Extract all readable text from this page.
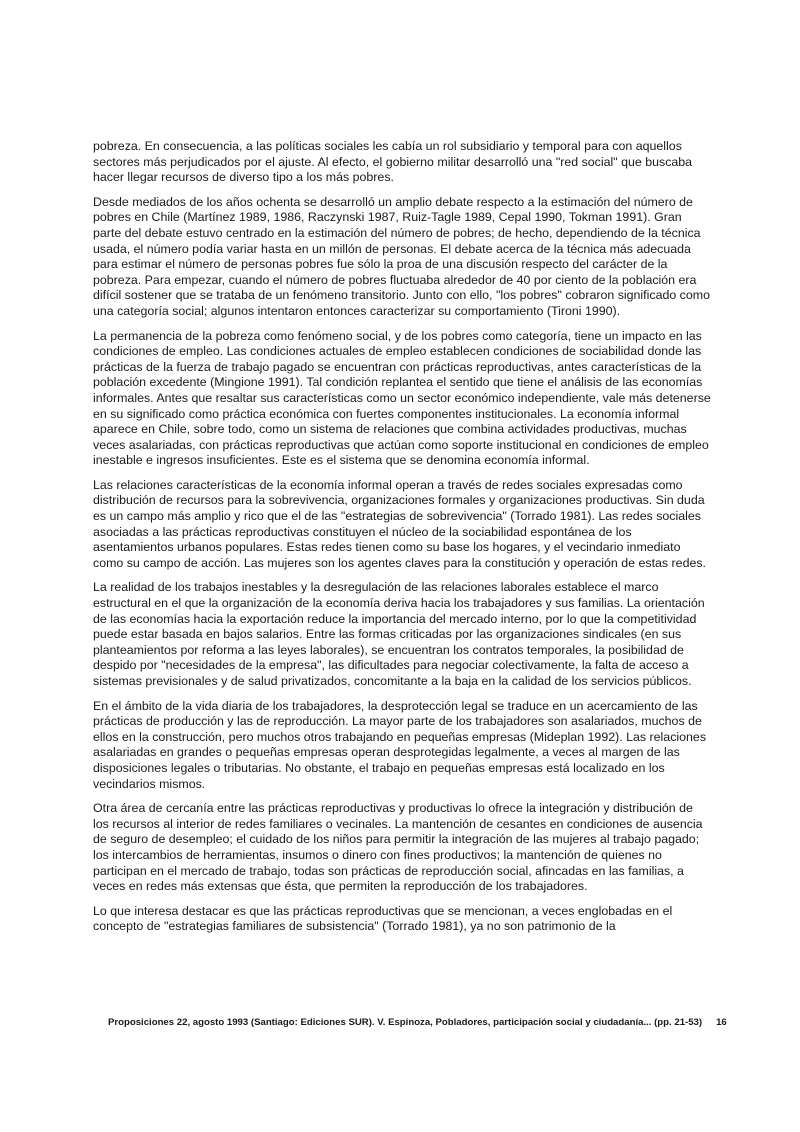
pobreza. En consecuencia, a las políticas sociales les cabía un rol subsidiario y temporal para con aquellos sectores más perjudicados por el ajuste. Al efecto, el gobierno militar desarrolló una "red social" que buscaba hacer llegar recursos de diverso tipo a los más pobres.

Desde mediados de los años ochenta se desarrolló un amplio debate respecto a la estimación del número de pobres en Chile (Martínez 1989, 1986, Raczynski 1987, Ruiz-Tagle 1989, Cepal 1990, Tokman 1991). Gran parte del debate estuvo centrado en la estimación del número de pobres; de hecho, dependiendo de la técnica usada, el número podía variar hasta en un millón de personas. El debate acerca de la técnica más adecuada para estimar el número de personas pobres fue sólo la proa de una discusión respecto del carácter de la pobreza. Para empezar, cuando el número de pobres fluctuaba alrededor de 40 por ciento de la población era difícil sostener que se trataba de un fenómeno transitorio. Junto con ello, "los pobres" cobraron significado como una categoría social; algunos intentaron entonces caracterizar su comportamiento (Tironi 1990).

La permanencia de la pobreza como fenómeno social, y de los pobres como categoría, tiene un impacto en las condiciones de empleo. Las condiciones actuales de empleo establecen condiciones de sociabilidad donde las prácticas de la fuerza de trabajo pagado se encuentran con prácticas reproductivas, antes características de la población excedente (Mingione 1991). Tal condición replantea el sentido que tiene el análisis de las economías informales. Antes que resaltar sus características como un sector económico independiente, vale más detenerse en su significado como práctica económica con fuertes componentes institucionales. La economía informal aparece en Chile, sobre todo, como un sistema de relaciones que combina actividades productivas, muchas veces asalariadas, con prácticas reproductivas que actúan como soporte institucional en condiciones de empleo inestable e ingresos insuficientes. Este es el sistema que se denomina economía informal.

Las relaciones características de la economía informal operan a través de redes sociales expresadas como distribución de recursos para la sobrevivencia, organizaciones formales y organizaciones productivas. Sin duda es un campo más amplio y rico que el de las "estrategias de sobrevivencia" (Torrado 1981). Las redes sociales asociadas a las prácticas reproductivas constituyen el núcleo de la sociabilidad espontánea de los asentamientos urbanos populares. Estas redes tienen como su base los hogares, y el vecindario inmediato como su campo de acción. Las mujeres son los agentes claves para la constitución y operación de estas redes.

La realidad de los trabajos inestables y la desregulación de las relaciones laborales establece el marco estructural en el que la organización de la economía deriva hacia los trabajadores y sus familias. La orientación de las economías hacia la exportación reduce la importancia del mercado interno, por lo que la competitividad puede estar basada en bajos salarios. Entre las formas criticadas por las organizaciones sindicales (en sus planteamientos por reforma a las leyes laborales), se encuentran los contratos temporales, la posibilidad de despido por "necesidades de la empresa", las dificultades para negociar colectivamente, la falta de acceso a sistemas previsionales y de salud privatizados, concomitante a la baja en la calidad de los servicios públicos.

En el ámbito de la vida diaria de los trabajadores, la desprotección legal se traduce en un acercamiento de las prácticas de producción y las de reproducción. La mayor parte de los trabajadores son asalariados, muchos de ellos en la construcción, pero muchos otros trabajando en pequeñas empresas (Mideplan 1992). Las relaciones asalariadas en grandes o pequeñas empresas operan desprotegidas legalmente, a veces al margen de las disposiciones legales o tributarias. No obstante, el trabajo en pequeñas empresas está localizado en los vecindarios mismos.

Otra área de cercanía entre las prácticas reproductivas y productivas lo ofrece la integración y distribución de los recursos al interior de redes familiares o vecinales. La mantención de cesantes en condiciones de ausencia de seguro de desempleo; el cuidado de los niños para permitir la integración de las mujeres al trabajo pagado; los intercambios de herramientas, insumos o dinero con fines productivos; la mantención de quienes no participan en el mercado de trabajo, todas son prácticas de reproducción social, afincadas en las familias, a veces en redes más extensas que ésta, que permiten la reproducción de los trabajadores.

Lo que interesa destacar es que las prácticas reproductivas que se mencionan, a veces englobadas en el concepto de "estrategias familiares de subsistencia" (Torrado 1981), ya no son patrimonio de la

Proposiciones 22, agosto 1993 (Santiago: Ediciones SUR). V. Espinoza, Pobladores, participación social y ciudadanía... (pp. 21-53) 16
